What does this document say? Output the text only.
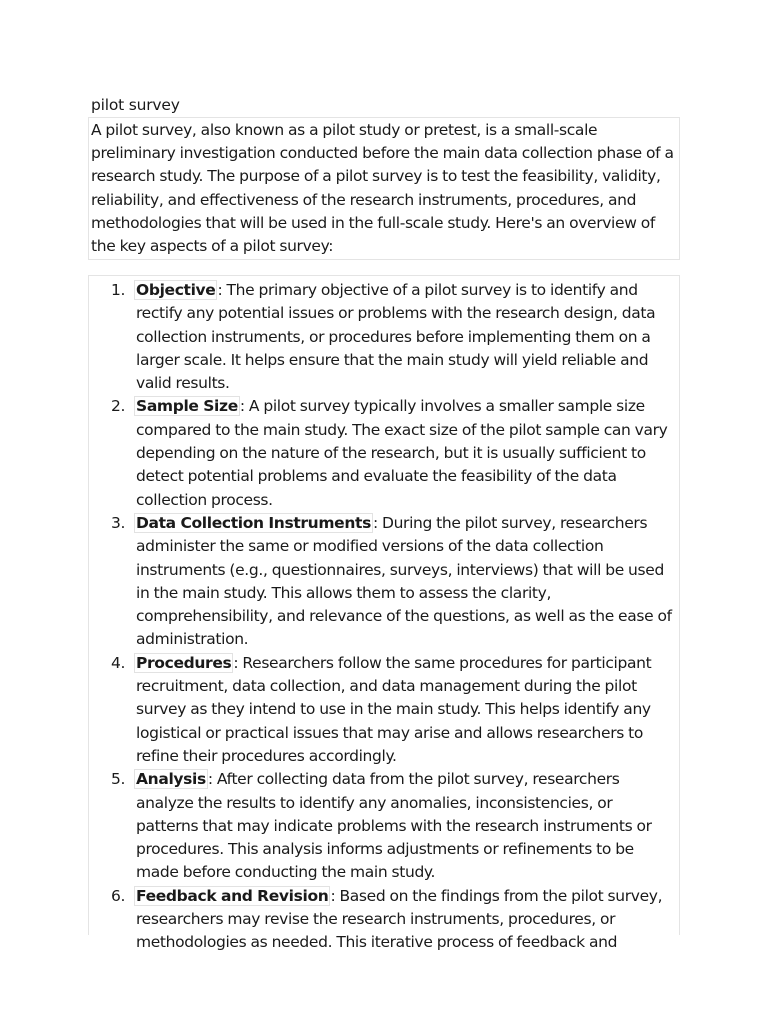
pilot survey

A pilot survey, also known as a pilot study or pretest, is a small-scale preliminary investigation conducted before the main data collection phase of a research study. The purpose of a pilot survey is to test the feasibility, validity, reliability, and effectiveness of the research instruments, procedures, and methodologies that will be used in the full-scale study. Here's an overview of the key aspects of a pilot survey:

1. Objective : The primary objective of a pilot survey is to identify and rectify any potential issues or problems with the research design, data collection instruments, or procedures before implementing them on a larger scale. It helps ensure that the main study will yield reliable and valid results.
2. Sample Size : A pilot survey typically involves a smaller sample size compared to the main study. The exact size of the pilot sample can vary depending on the nature of the research, but it is usually sufficient to detect potential problems and evaluate the feasibility of the data collection process.
3. Data Collection Instruments : During the pilot survey, researchers administer the same or modified versions of the data collection instruments (e.g., questionnaires, surveys, interviews) that will be used in the main study. This allows them to assess the clarity, comprehensibility, and relevance of the questions, as well as the ease of administration.
4. Procedures : Researchers follow the same procedures for participant recruitment, data collection, and data management during the pilot survey as they intend to use in the main study. This helps identify any logistical or practical issues that may arise and allows researchers to refine their procedures accordingly.
5. Analysis : After collecting data from the pilot survey, researchers analyze the results to identify any anomalies, inconsistencies, or patterns that may indicate problems with the research instruments or procedures. This analysis informs adjustments or refinements to be made before conducting the main study.
6. Feedback and Revision : Based on the findings from the pilot survey, researchers may revise the research instruments, procedures, or methodologies as needed. This iterative process of feedback and
